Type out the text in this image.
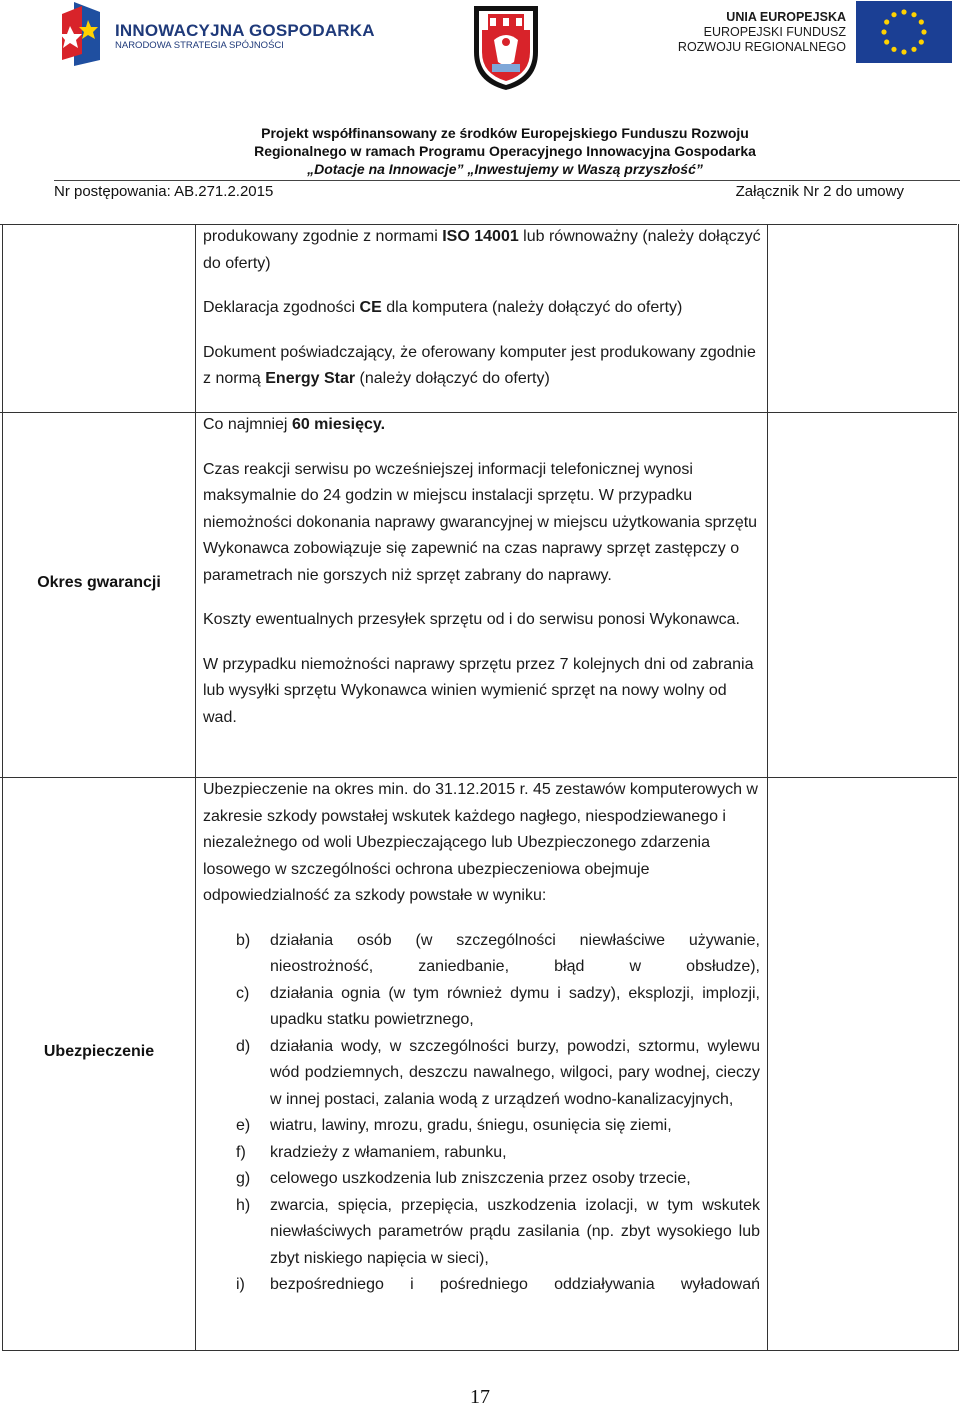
INNOWACYJNA GOSPODARKA
NARODOWA STRATEGIA SPÓJNOŚCI
UNIA EUROPEJSKA
EUROPEJSKI FUNDUSZ
ROZWOJU REGIONALNEGO
Projekt współfinansowany ze środków Europejskiego Funduszu Rozwoju
Regionalnego w ramach Programu Operacyjnego Innowacyjna Gospodarka
„Dotacje na Innowacje” „Inwestujemy w Waszą przyszłość”
Nr postępowania: AB.271.2.2015	Załącznik Nr 2 do umowy

produkowany zgodnie z normami ISO 14001 lub równoważny (należy dołączyć do oferty)

Deklaracja zgodności CE dla komputera (należy dołączyć do oferty)

Dokument poświadczający, że oferowany komputer jest produkowany zgodnie z normą Energy Star (należy dołączyć do oferty)

Okres gwarancji

Co najmniej 60 miesięcy.

Czas reakcji serwisu po wcześniejszej informacji telefonicznej wynosi maksymalnie do 24 godzin w miejscu instalacji sprzętu. W przypadku niemożności dokonania naprawy gwarancyjnej w miejscu użytkowania sprzętu Wykonawca zobowiązuje się zapewnić na czas naprawy sprzęt zastępczy o parametrach nie gorszych niż sprzęt zabrany do naprawy.

Koszty ewentualnych przesyłek sprzętu od i do serwisu ponosi Wykonawca.

W przypadku niemożności naprawy sprzętu przez 7 kolejnych dni od zabrania lub wysyłki sprzętu Wykonawca winien wymienić sprzęt na nowy wolny od wad.

Ubezpieczenie

Ubezpieczenie na okres min. do 31.12.2015 r. 45 zestawów komputerowych w zakresie szkody powstałej wskutek każdego nagłego, niespodziewanego i niezależnego od woli Ubezpieczającego lub Ubezpieczonego zdarzenia losowego w szczególności ochrona ubezpieczeniowa obejmuje odpowiedzialność za szkody powstałe w wyniku:

b) działania osób (w szczególności niewłaściwe używanie, nieostrożność, zaniedbanie, błąd w obsłudze),
c) działania ognia (w tym również dymu i sadzy), eksplozji, implozji, upadku statku powietrznego,
d) działania wody, w szczególności burzy, powodzi, sztormu, wylewu wód podziemnych, deszczu nawalnego, wilgoci, pary wodnej, cieczy w innej postaci, zalania wodą z urządzeń wodno-kanalizacyjnych,
e) wiatru, lawiny, mrozu, gradu, śniegu, osunięcia się ziemi,
f) kradzieży z włamaniem, rabunku,
g) celowego uszkodzenia lub zniszczenia przez osoby trzecie,
h) zwarcia, spięcia, przepięcia, uszkodzenia izolacji, w tym wskutek niewłaściwych parametrów prądu zasilania (np. zbyt wysokiego lub zbyt niskiego napięcia w sieci),
i) bezpośredniego i pośredniego oddziaływania wyładowań
17
